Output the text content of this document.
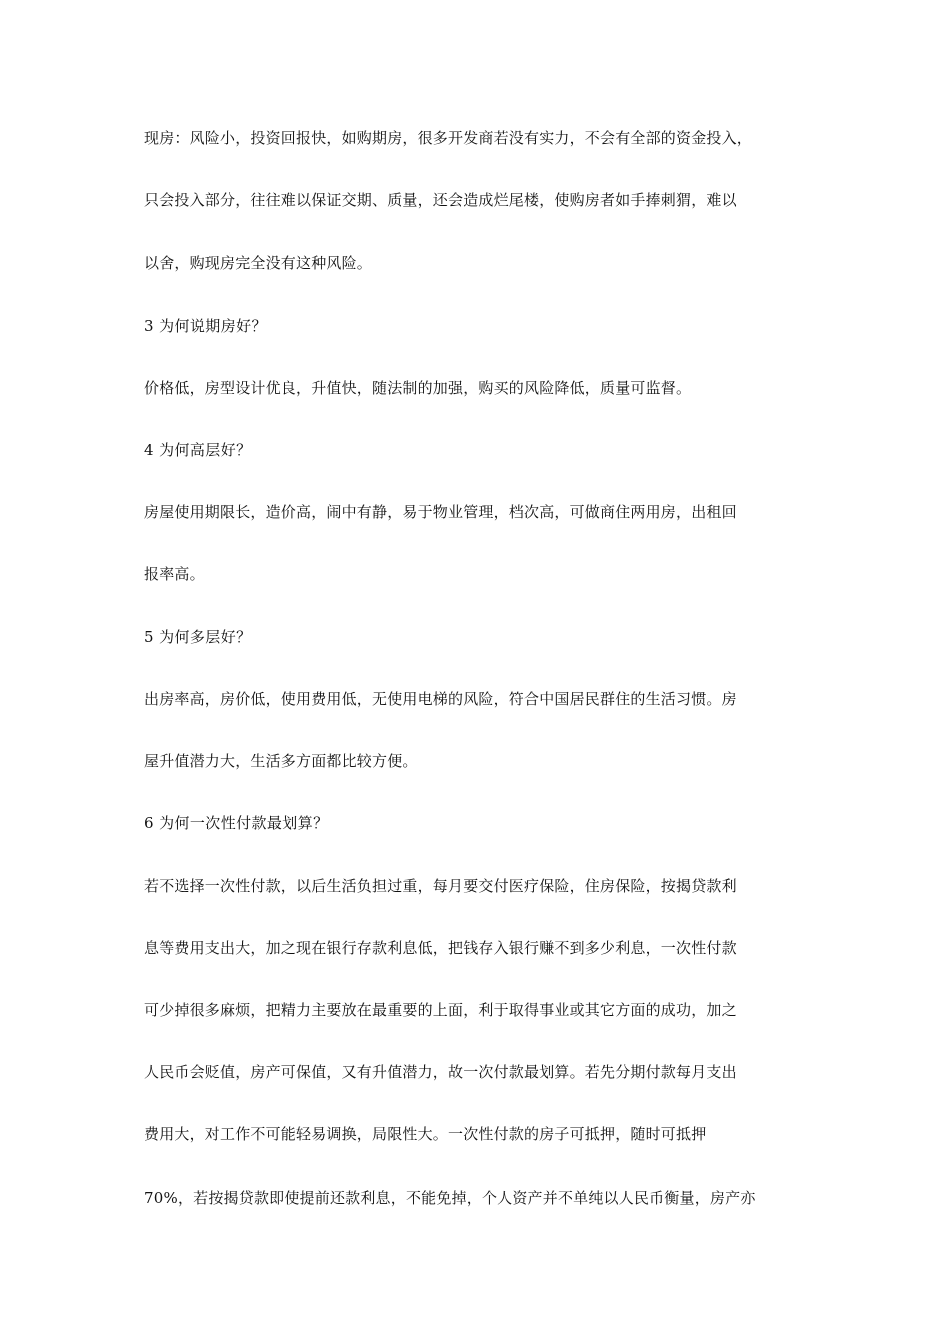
现房：风险小，投资回报快，如购期房，很多开发商若没有实力，不会有全部的资金投入，
只会投入部分，往往难以保证交期、质量，还会造成烂尾楼，使购房者如手捧刺猬，难以
以舍，购现房完全没有这种风险。
3 为何说期房好？
价格低，房型设计优良，升值快，随法制的加强，购买的风险降低，质量可监督。
4 为何高层好？
房屋使用期限长，造价高，闹中有静，易于物业管理，档次高，可做商住两用房，出租回
报率高。
5 为何多层好？
出房率高，房价低，使用费用低，无使用电梯的风险，符合中国居民群住的生活习惯。房
屋升值潜力大，生活多方面都比较方便。
6 为何一次性付款最划算？
若不选择一次性付款，以后生活负担过重，每月要交付医疗保险，住房保险，按揭贷款利
息等费用支出大，加之现在银行存款利息低，把钱存入银行赚不到多少利息，一次性付款
可少掉很多麻烦，把精力主要放在最重要的上面，利于取得事业或其它方面的成功，加之
人民币会贬值，房产可保值，又有升值潜力，故一次付款最划算。若先分期付款每月支出
费用大，对工作不可能轻易调换，局限性大。一次性付款的房子可抵押，随时可抵押
70%，若按揭贷款即使提前还款利息，不能免掉，个人资产并不单纯以人民币衡量，房产亦
